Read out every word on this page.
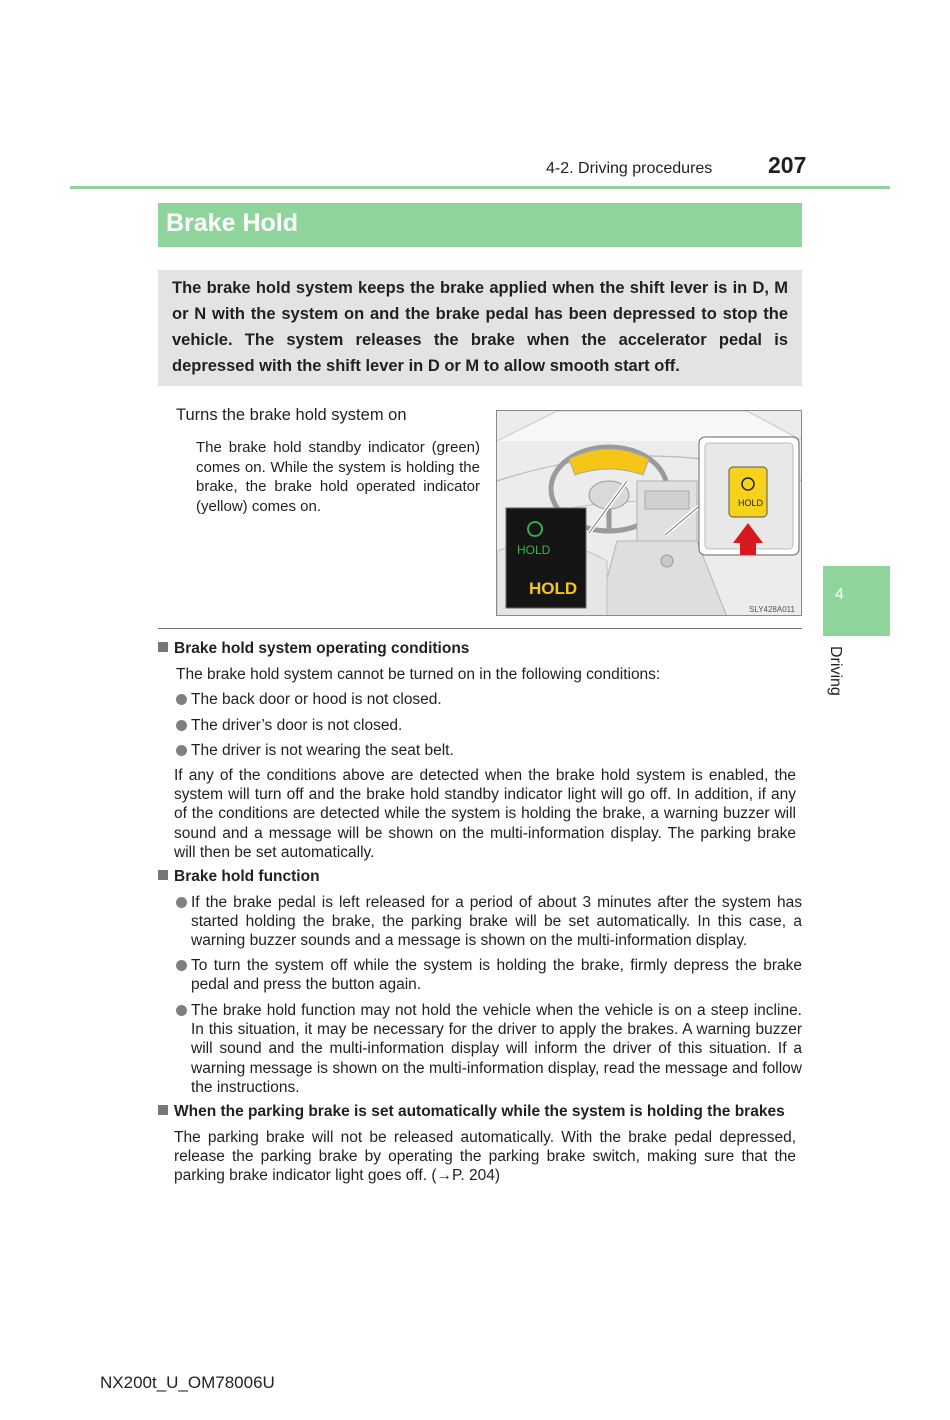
4-2. Driving procedures 207
Brake Hold

The brake hold system keeps the brake applied when the shift lever is in D, M or N with the system on and the brake pedal has been depressed to stop the vehicle. The system releases the brake when the accelerator pedal is depressed with the shift lever in D or M to allow smooth start off.

Turns the brake hold system on
The brake hold standby indicator (green) comes on. While the system is holding the brake, the brake hold operated indicator (yellow) comes on.
HOLD
HOLD
HOLD
SLY428A011
Brake hold system operating conditions
The brake hold system cannot be turned on in the following conditions:
The back door or hood is not closed.
The driver’s door is not closed.
The driver is not wearing the seat belt.
If any of the conditions above are detected when the brake hold system is enabled, the system will turn off and the brake hold standby indicator light will go off. In addition, if any of the conditions are detected while the system is holding the brake, a warning buzzer will sound and a message will be shown on the multi-information display. The parking brake will then be set automatically.
Brake hold function
If the brake pedal is left released for a period of about 3 minutes after the system has started holding the brake, the parking brake will be set automatically. In this case, a warning buzzer sounds and a message is shown on the multi-information display.
To turn the system off while the system is holding the brake, firmly depress the brake pedal and press the button again.
The brake hold function may not hold the vehicle when the vehicle is on a steep incline. In this situation, it may be necessary for the driver to apply the brakes. A warning buzzer will sound and the multi-information display will inform the driver of this situation. If a warning message is shown on the multi-information display, read the message and follow the instructions.
When the parking brake is set automatically while the system is holding the brakes
The parking brake will not be released automatically. With the brake pedal depressed, release the parking brake by operating the parking brake switch, making sure that the parking brake indicator light goes off. (→P. 204)
4
Driving
NX200t_U_OM78006U
